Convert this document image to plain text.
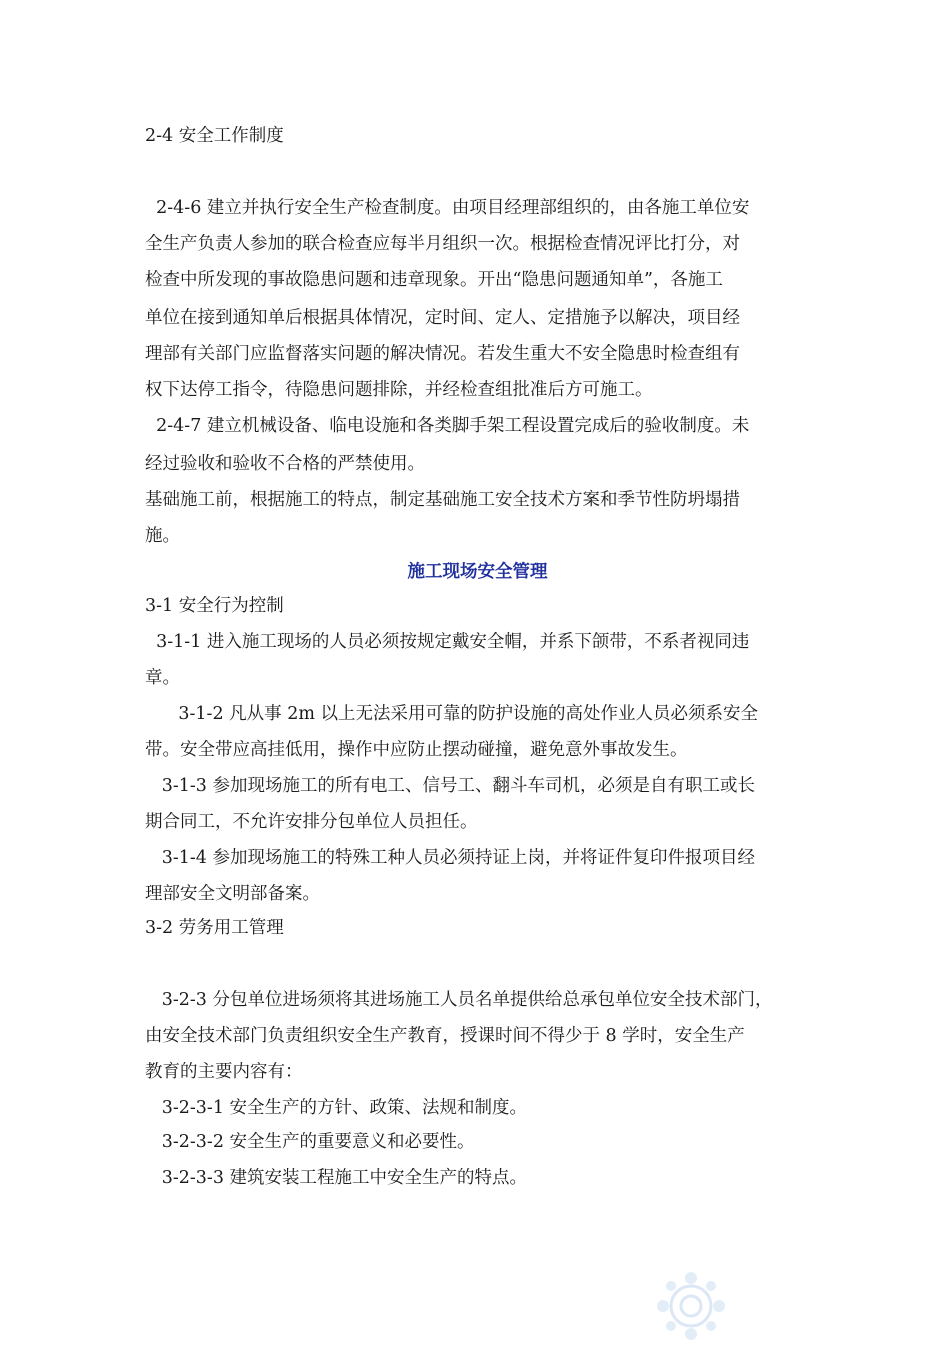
2-4 安全工作制度
2-4-6 建立并执行安全生产检查制度。由项目经理部组织的，由各施工单位安
全生产负责人参加的联合检查应每半月组织一次。根据检查情况评比打分，对
检查中所发现的事故隐患问题和违章现象。开出“隐患问题通知单”，各施工
单位在接到通知单后根据具体情况，定时间、定人、定措施予以解决，项目经
理部有关部门应监督落实问题的解决情况。若发生重大不安全隐患时检查组有
权下达停工指令，待隐患问题排除，并经检查组批准后方可施工。
2-4-7 建立机械设备、临电设施和各类脚手架工程设置完成后的验收制度。未
经过验收和验收不合格的严禁使用。
基础施工前，根据施工的特点，制定基础施工安全技术方案和季节性防坍塌措
施。
施工现场安全管理
3-1 安全行为控制
3-1-1 进入施工现场的人员必须按规定戴安全帽，并系下颌带，不系者视同违
章。
3-1-2 凡从事 2m 以上无法采用可靠的防护设施的高处作业人员必须系安全
带。安全带应高挂低用，操作中应防止摆动碰撞，避免意外事故发生。
3-1-3 参加现场施工的所有电工、信号工、翻斗车司机，必须是自有职工或长
期合同工，不允许安排分包单位人员担任。
3-1-4 参加现场施工的特殊工种人员必须持证上岗，并将证件复印件报项目经
理部安全文明部备案。
3-2 劳务用工管理
3-2-3 分包单位进场须将其进场施工人员名单提供给总承包单位安全技术部门，
由安全技术部门负责组织安全生产教育，授课时间不得少于 8 学时，安全生产
教育的主要内容有：
3-2-3-1 安全生产的方针、政策、法规和制度。
3-2-3-2 安全生产的重要意义和必要性。
3-2-3-3 建筑安装工程施工中安全生产的特点。
